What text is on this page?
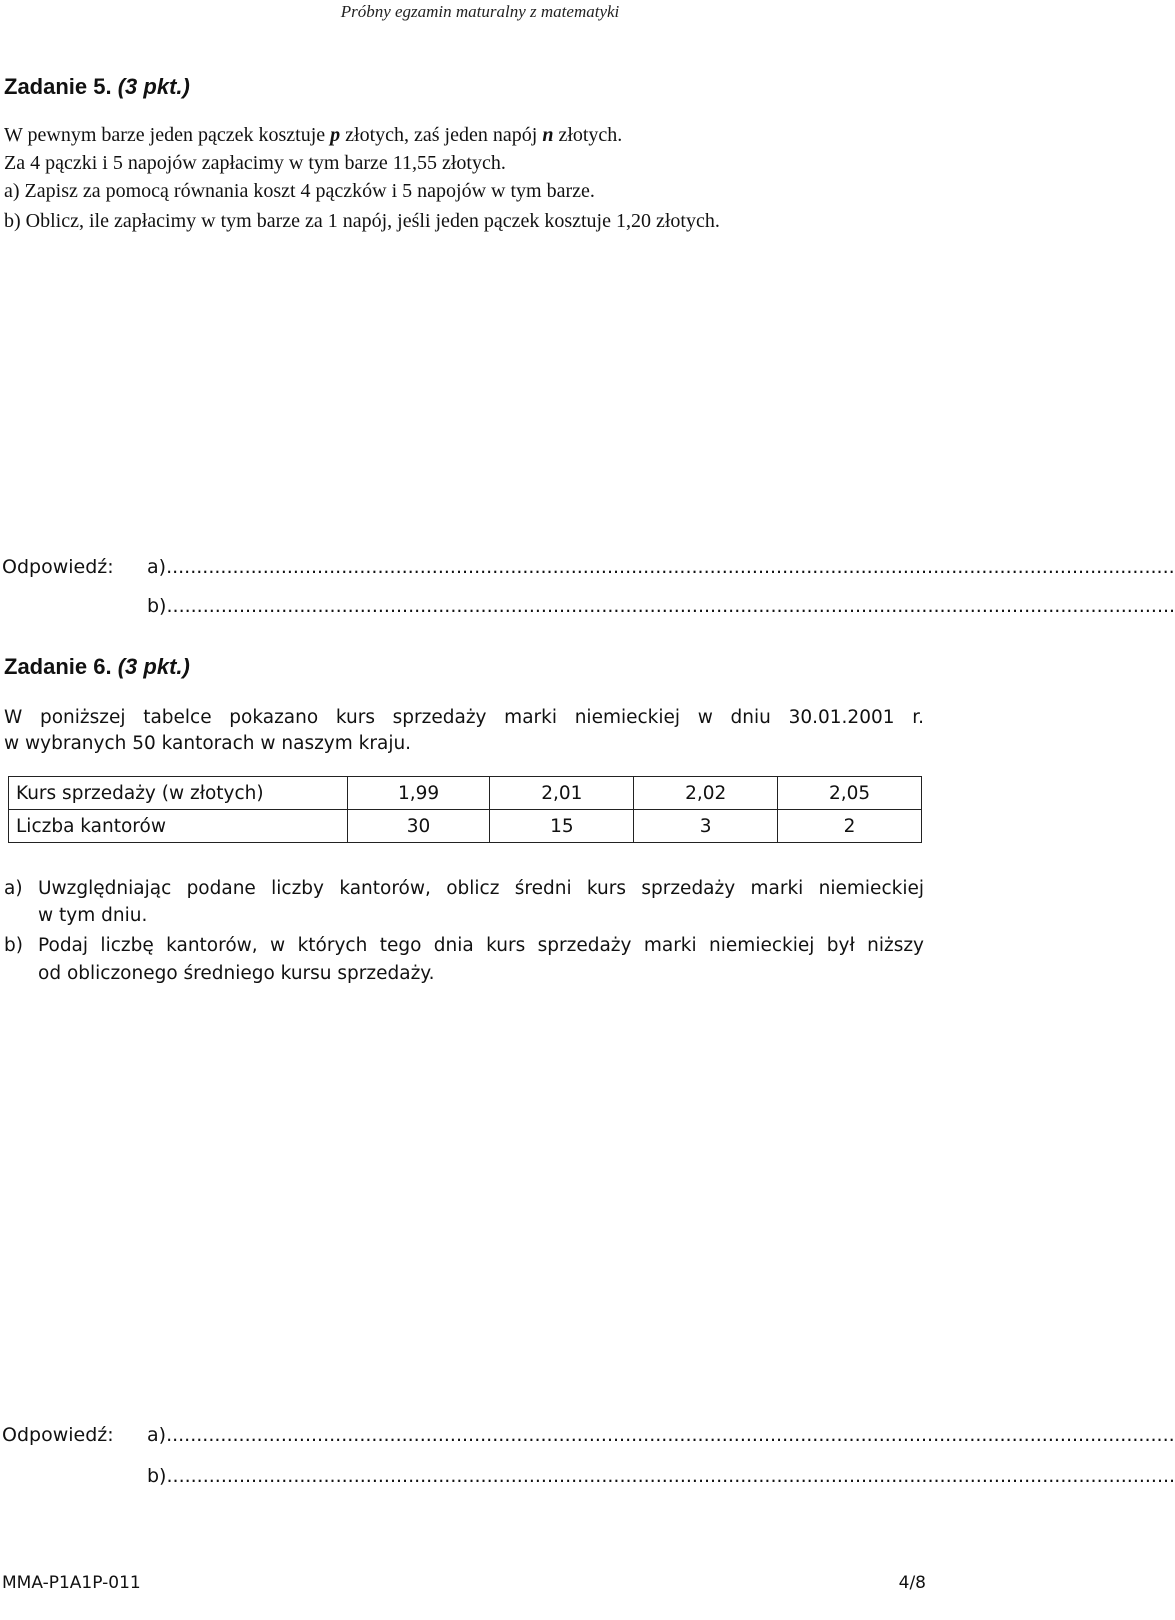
Próbny egzamin maturalny z matematyki
Zadanie 5. (3 pkt.)
W pewnym barze jeden pączek kosztuje p złotych, zaś jeden napój n złotych.
Za 4 pączki i 5 napojów zapłacimy w tym barze 11,55 złotych.
a) Zapisz za pomocą równania koszt 4 pączków i 5 napojów w tym barze.
b) Oblicz, ile zapłacimy w tym barze za 1 napój, jeśli jeden pączek kosztuje 1,20 złotych.
Odpowiedź: a).......................................................................................................................................................................
b).......................................................................................................................................................................
Zadanie 6. (3 pkt.)
W poniższej tabelce pokazano kurs sprzedaży marki niemieckiej w dniu 30.01.2001 r.
w wybranych 50 kantorach w naszym kraju.
Kurs sprzedaży (w złotych)	1,99	2,01	2,02	2,05
Liczba kantorów	30	15	3	2
a) Uwzględniając podane liczby kantorów, oblicz średni kurs sprzedaży marki niemieckiej
w tym dniu.
b) Podaj liczbę kantorów, w których tego dnia kurs sprzedaży marki niemieckiej był niższy
od obliczonego średniego kursu sprzedaży.
Odpowiedź: a).......................................................................................................................................................................
b).......................................................................................................................................................................
MMA-P1A1P-011	4/8
